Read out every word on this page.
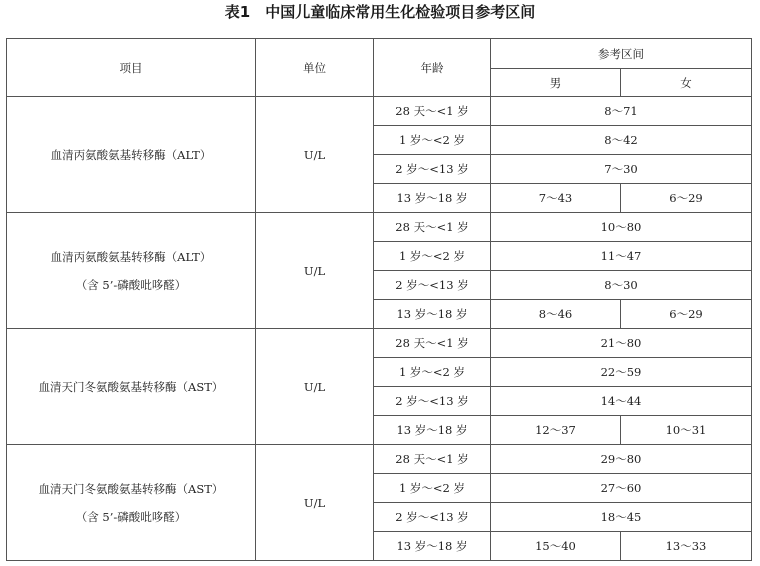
表1　中国儿童临床常用生化检验项目参考区间
项目	单位	年龄	参考区间	
			男	女

血清丙氨酸氨基转移酶（ALT）	U/L	28 天～<1 岁	8～71	
		1 岁～<2 岁	8～42	
		2 岁～<13 岁	7～30	
		13 岁～18 岁	7～43	6～29

血清丙氨酸氨基转移酶（ALT）
（含 5’-磷酸吡哆醛）	U/L	28 天～<1 岁	10～80	
		1 岁～<2 岁	11～47	
		2 岁～<13 岁	8～30	
		13 岁～18 岁	8～46	6～29

血清天门冬氨酸氨基转移酶（AST）	U/L	28 天～<1 岁	21～80	
		1 岁～<2 岁	22～59	
		2 岁～<13 岁	14～44	
		13 岁～18 岁	12～37	10～31

血清天门冬氨酸氨基转移酶（AST）
（含 5’-磷酸吡哆醛）	U/L	28 天～<1 岁	29～80	
		1 岁～<2 岁	27～60	
		2 岁～<13 岁	18～45	
		13 岁～18 岁	15～40	13～33
